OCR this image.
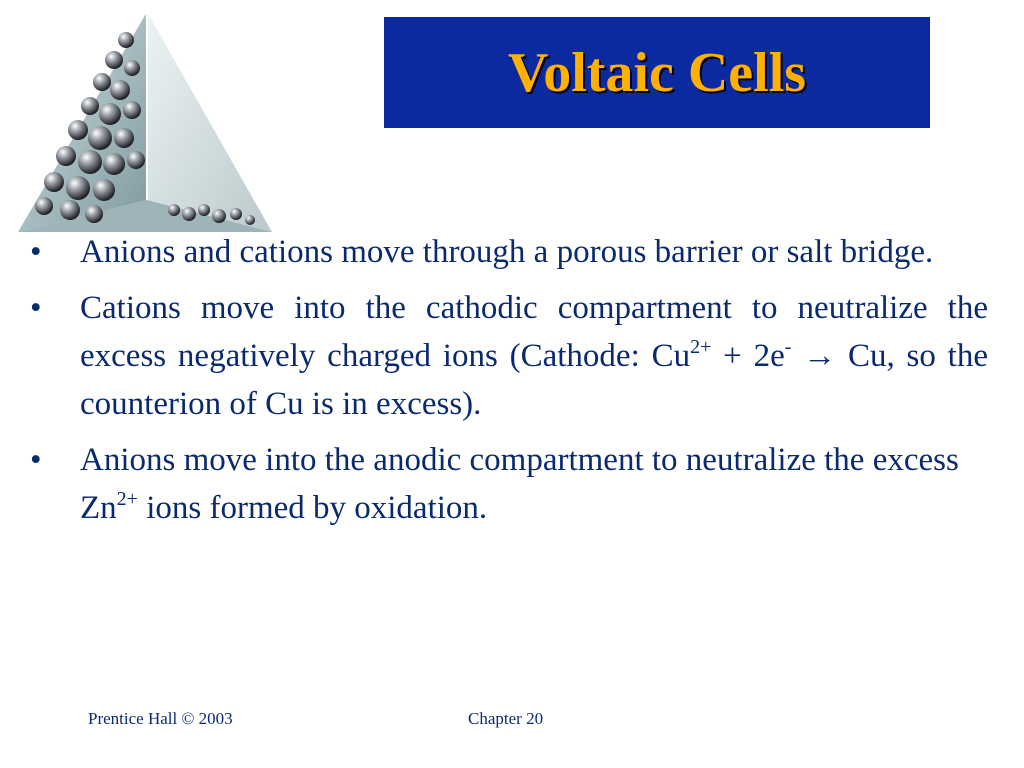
Voltaic Cells
•	Anions and cations move through a porous barrier or salt bridge.
•	Cations move into the cathodic compartment to neutralize the excess negatively charged ions (Cathode: $Cu^{2+} + 2e^- \to Cu$, so the counterion of Cu is in excess).
•	Anions move into the anodic compartment to neutralize the excess $Zn^{2+}$ ions formed by oxidation.
Prentice Hall © 2003	Chapter 20
